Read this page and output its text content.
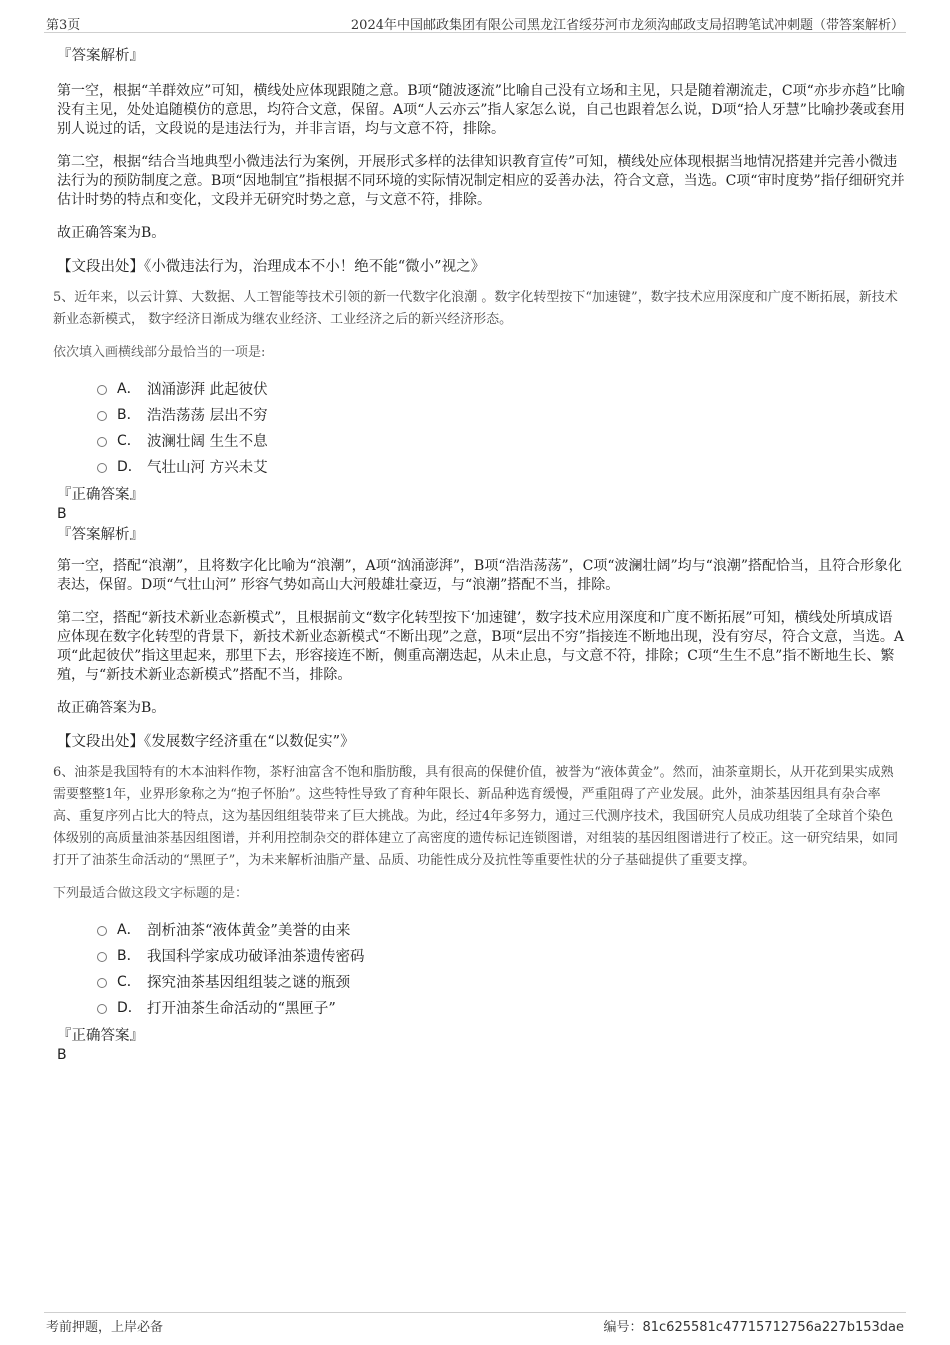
第3页	2024年中国邮政集团有限公司黑龙江省绥芬河市龙须沟邮政支局招聘笔试冲刺题（带答案解析）

『答案解析』

第一空，根据“羊群效应”可知，横线处应体现跟随之意。B项“随波逐流”比喻自己没有立场和主见，只是随着潮流走，C项“亦步亦趋”比喻没有主见，处处追随模仿的意思，均符合文意，保留。A项“人云亦云”指人家怎么说，自己也跟着怎么说，D项“拾人牙慧”比喻抄袭或套用别人说过的话，文段说的是违法行为，并非言语，均与文意不符，排除。

第二空，根据“结合当地典型小微违法行为案例，开展形式多样的法律知识教育宣传”可知，横线处应体现根据当地情况搭建并完善小微违法行为的预防制度之意。B项“因地制宜”指根据不同环境的实际情况制定相应的妥善办法，符合文意，当选。C项“审时度势”指仔细研究并估计时势的特点和变化，文段并无研究时势之意，与文意不符，排除。

故正确答案为B。

【文段出处】《小微违法行为，治理成本不小！绝不能“微小”视之》

5、近年来，以云计算、大数据、人工智能等技术引领的新一代数字化浪潮 。数字化转型按下“加速键”，数字技术应用深度和广度不断拓展，新技术新业态新模式， 数字经济日渐成为继农业经济、工业经济之后的新兴经济形态。

依次填入画横线部分最恰当的一项是:

A． 汹涌澎湃 此起彼伏
B． 浩浩荡荡 层出不穷
C． 波澜壮阔 生生不息
D． 气壮山河 方兴未艾

『正确答案』

B

『答案解析』

第一空，搭配“浪潮”，且将数字化比喻为“浪潮”，A项“汹涌澎湃”，B项“浩浩荡荡”，C项“波澜壮阔”均与“浪潮”搭配恰当，且符合形象化表达，保留。D项“气壮山河” 形容气势如高山大河般雄壮豪迈，与“浪潮”搭配不当，排除。

第二空，搭配“新技术新业态新模式”，且根据前文“数字化转型按下‘加速键’，数字技术应用深度和广度不断拓展”可知，横线处所填成语应体现在数字化转型的背景下，新技术新业态新模式“不断出现”之意，B项“层出不穷”指接连不断地出现，没有穷尽，符合文意，当选。A项“此起彼伏”指这里起来，那里下去，形容接连不断，侧重高潮迭起，从未止息，与文意不符，排除；C项“生生不息”指不断地生长、繁殖，与“新技术新业态新模式”搭配不当，排除。

故正确答案为B。

【文段出处】《发展数字经济重在“以数促实”》

6、油茶是我国特有的木本油料作物，茶籽油富含不饱和脂肪酸，具有很高的保健价值，被誉为“液体黄金”。然而，油茶童期长，从开花到果实成熟需要整整1年，业界形象称之为“抱子怀胎”。这些特性导致了育种年限长、新品种选育缓慢，严重阻碍了产业发展。此外，油茶基因组具有杂合率高、重复序列占比大的特点，这为基因组组装带来了巨大挑战。为此，经过4年多努力，通过三代测序技术，我国研究人员成功组装了全球首个染色体级别的高质量油茶基因组图谱，并利用控制杂交的群体建立了高密度的遗传标记连锁图谱，对组装的基因组图谱进行了校正。这一研究结果，如同打开了油茶生命活动的“黑匣子”，为未来解析油脂产量、品质、功能性成分及抗性等重要性状的分子基础提供了重要支撑。

下列最适合做这段文字标题的是：

A． 剖析油茶“液体黄金”美誉的由来
B． 我国科学家成功破译油茶遗传密码
C． 探究油茶基因组组装之谜的瓶颈
D． 打开油茶生命活动的“黑匣子”

『正确答案』

B

考前押题，上岸必备	编号：81c625581c47715712756a227b153dae
